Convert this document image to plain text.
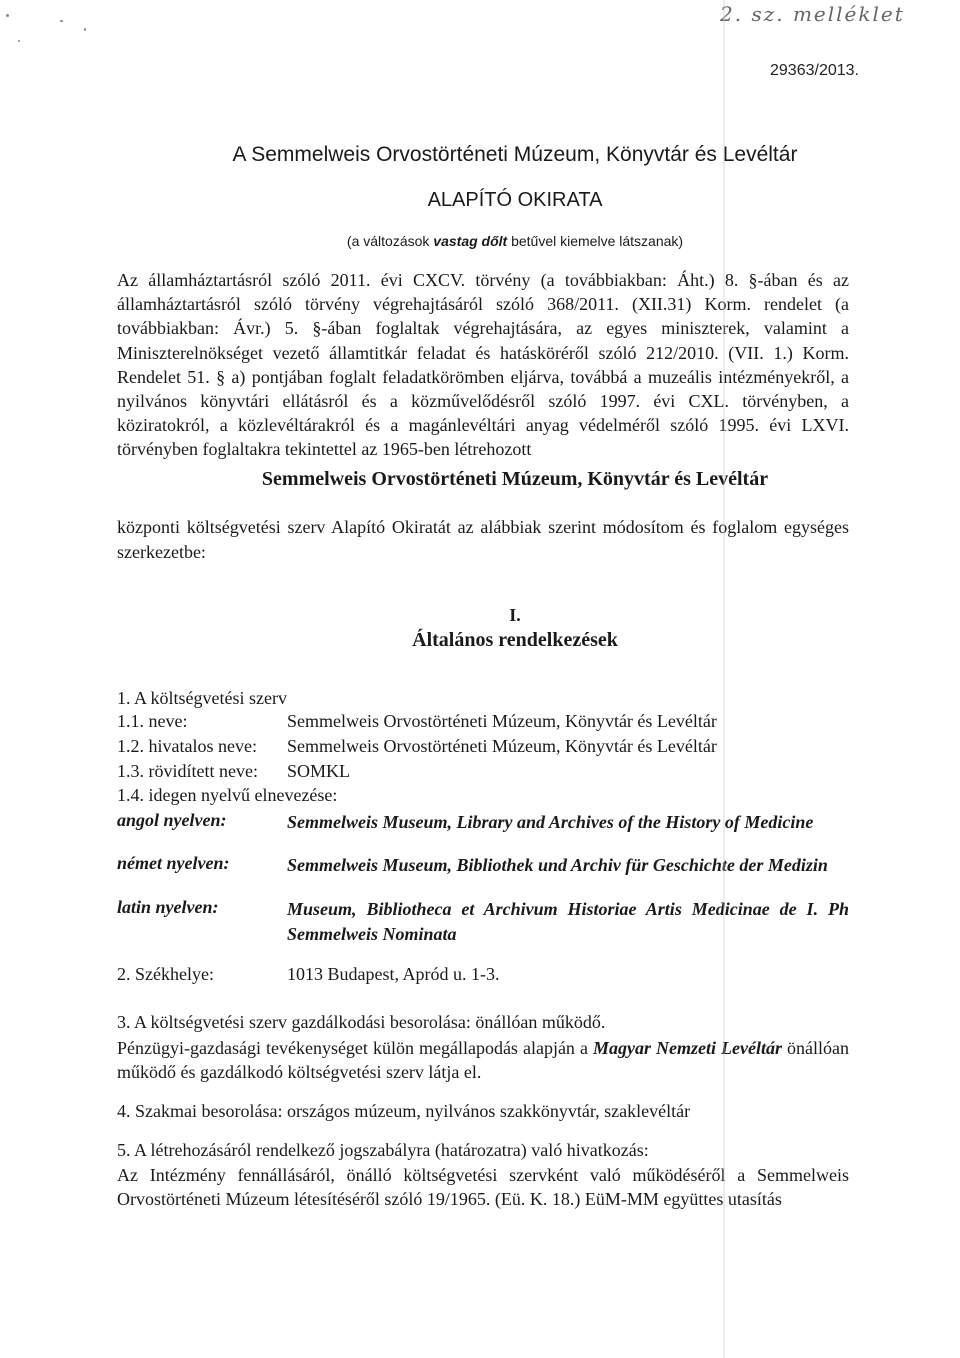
2. sz. melléklet
29363/2013.
A Semmelweis Orvostörténeti Múzeum, Könyvtár és Levéltár
ALAPÍTÓ OKIRATA
(a változások vastag dőlt betűvel kiemelve látszanak)
Az államháztartásról szóló 2011. évi CXCV. törvény (a továbbiakban: Áht.) 8. §-ában és az államháztartásról szóló törvény végrehajtásáról szóló 368/2011. (XII.31) Korm. rendelet (a továbbiakban: Ávr.) 5. §-ában foglaltak végrehajtására, az egyes miniszterek, valamint a Miniszterelnökséget vezető államtitkár feladat és hatásköréről szóló 212/2010. (VII. 1.) Korm. Rendelet 51. § a) pontjában foglalt feladatkörömben eljárva, továbbá a muzeális intézményekről, a nyilvános könyvtári ellátásról és a közművelődésről szóló 1997. évi CXL. törvényben, a köziratokról, a közlevéltárakról és a magánlevéltári anyag védelméről szóló 1995. évi LXVI. törvényben foglaltakra tekintettel az 1965-ben létrehozott
Semmelweis Orvostörténeti Múzeum, Könyvtár és Levéltár
központi költségvetési szerv Alapító Okiratát az alábbiak szerint módosítom és foglalom egységes szerkezetbe:
I.
Általános rendelkezések
1. A költségvetési szerv
1.1. neve:	Semmelweis Orvostörténeti Múzeum, Könyvtár és Levéltár
1.2. hivatalos neve: Semmelweis Orvostörténeti Múzeum, Könyvtár és Levéltár
1.3. rövidített neve: SOMKL
1.4. idegen nyelvű elnevezése:
angol nyelven:	Semmelweis Museum, Library and Archives of the History of Medicine
német nyelven:	Semmelweis Museum, Bibliothek und Archiv für Geschichte der Medizin
latin nyelven:	Museum, Bibliotheca et Archivum Historiae Artis Medicinae de I. Ph Semmelweis Nominata
2. Székhelye:	1013 Budapest, Apród u. 1-3.
3. A költségvetési szerv gazdálkodási besorolása: önállóan működő.
Pénzügyi-gazdasági tevékenységet külön megállapodás alapján a Magyar Nemzeti Levéltár önállóan működő és gazdálkodó költségvetési szerv látja el.
4. Szakmai besorolása: országos múzeum, nyilvános szakkönyvtár, szaklevéltár
5. A létrehozásáról rendelkező jogszabályra (határozatra) való hivatkozás:
Az Intézmény fennállásáról, önálló költségvetési szervként való működéséről a Semmelweis Orvostörténeti Múzeum létesítéséről szóló 19/1965. (Eü. K. 18.) EüM-MM együttes utasítás
